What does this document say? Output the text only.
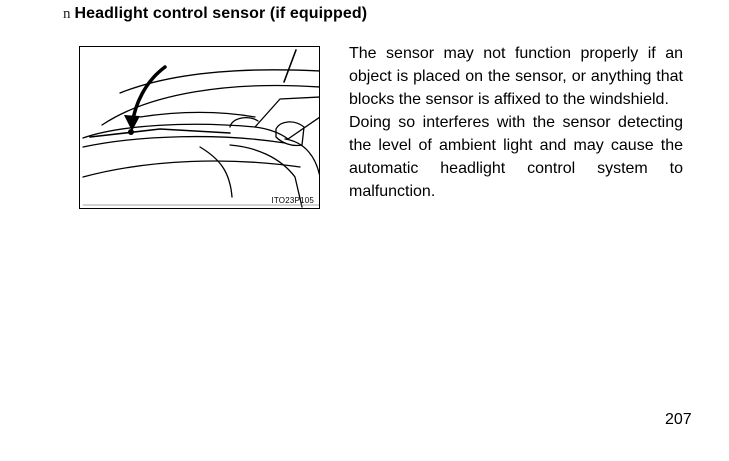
n Headlight control sensor (if equipped)
ITO23P105

The sensor may not function properly if an object is placed on the sensor, or anything that blocks the sensor is affixed to the windshield.

Doing so interferes with the sensor detecting the level of ambient light and may cause the automatic headlight control system to malfunction.

207
